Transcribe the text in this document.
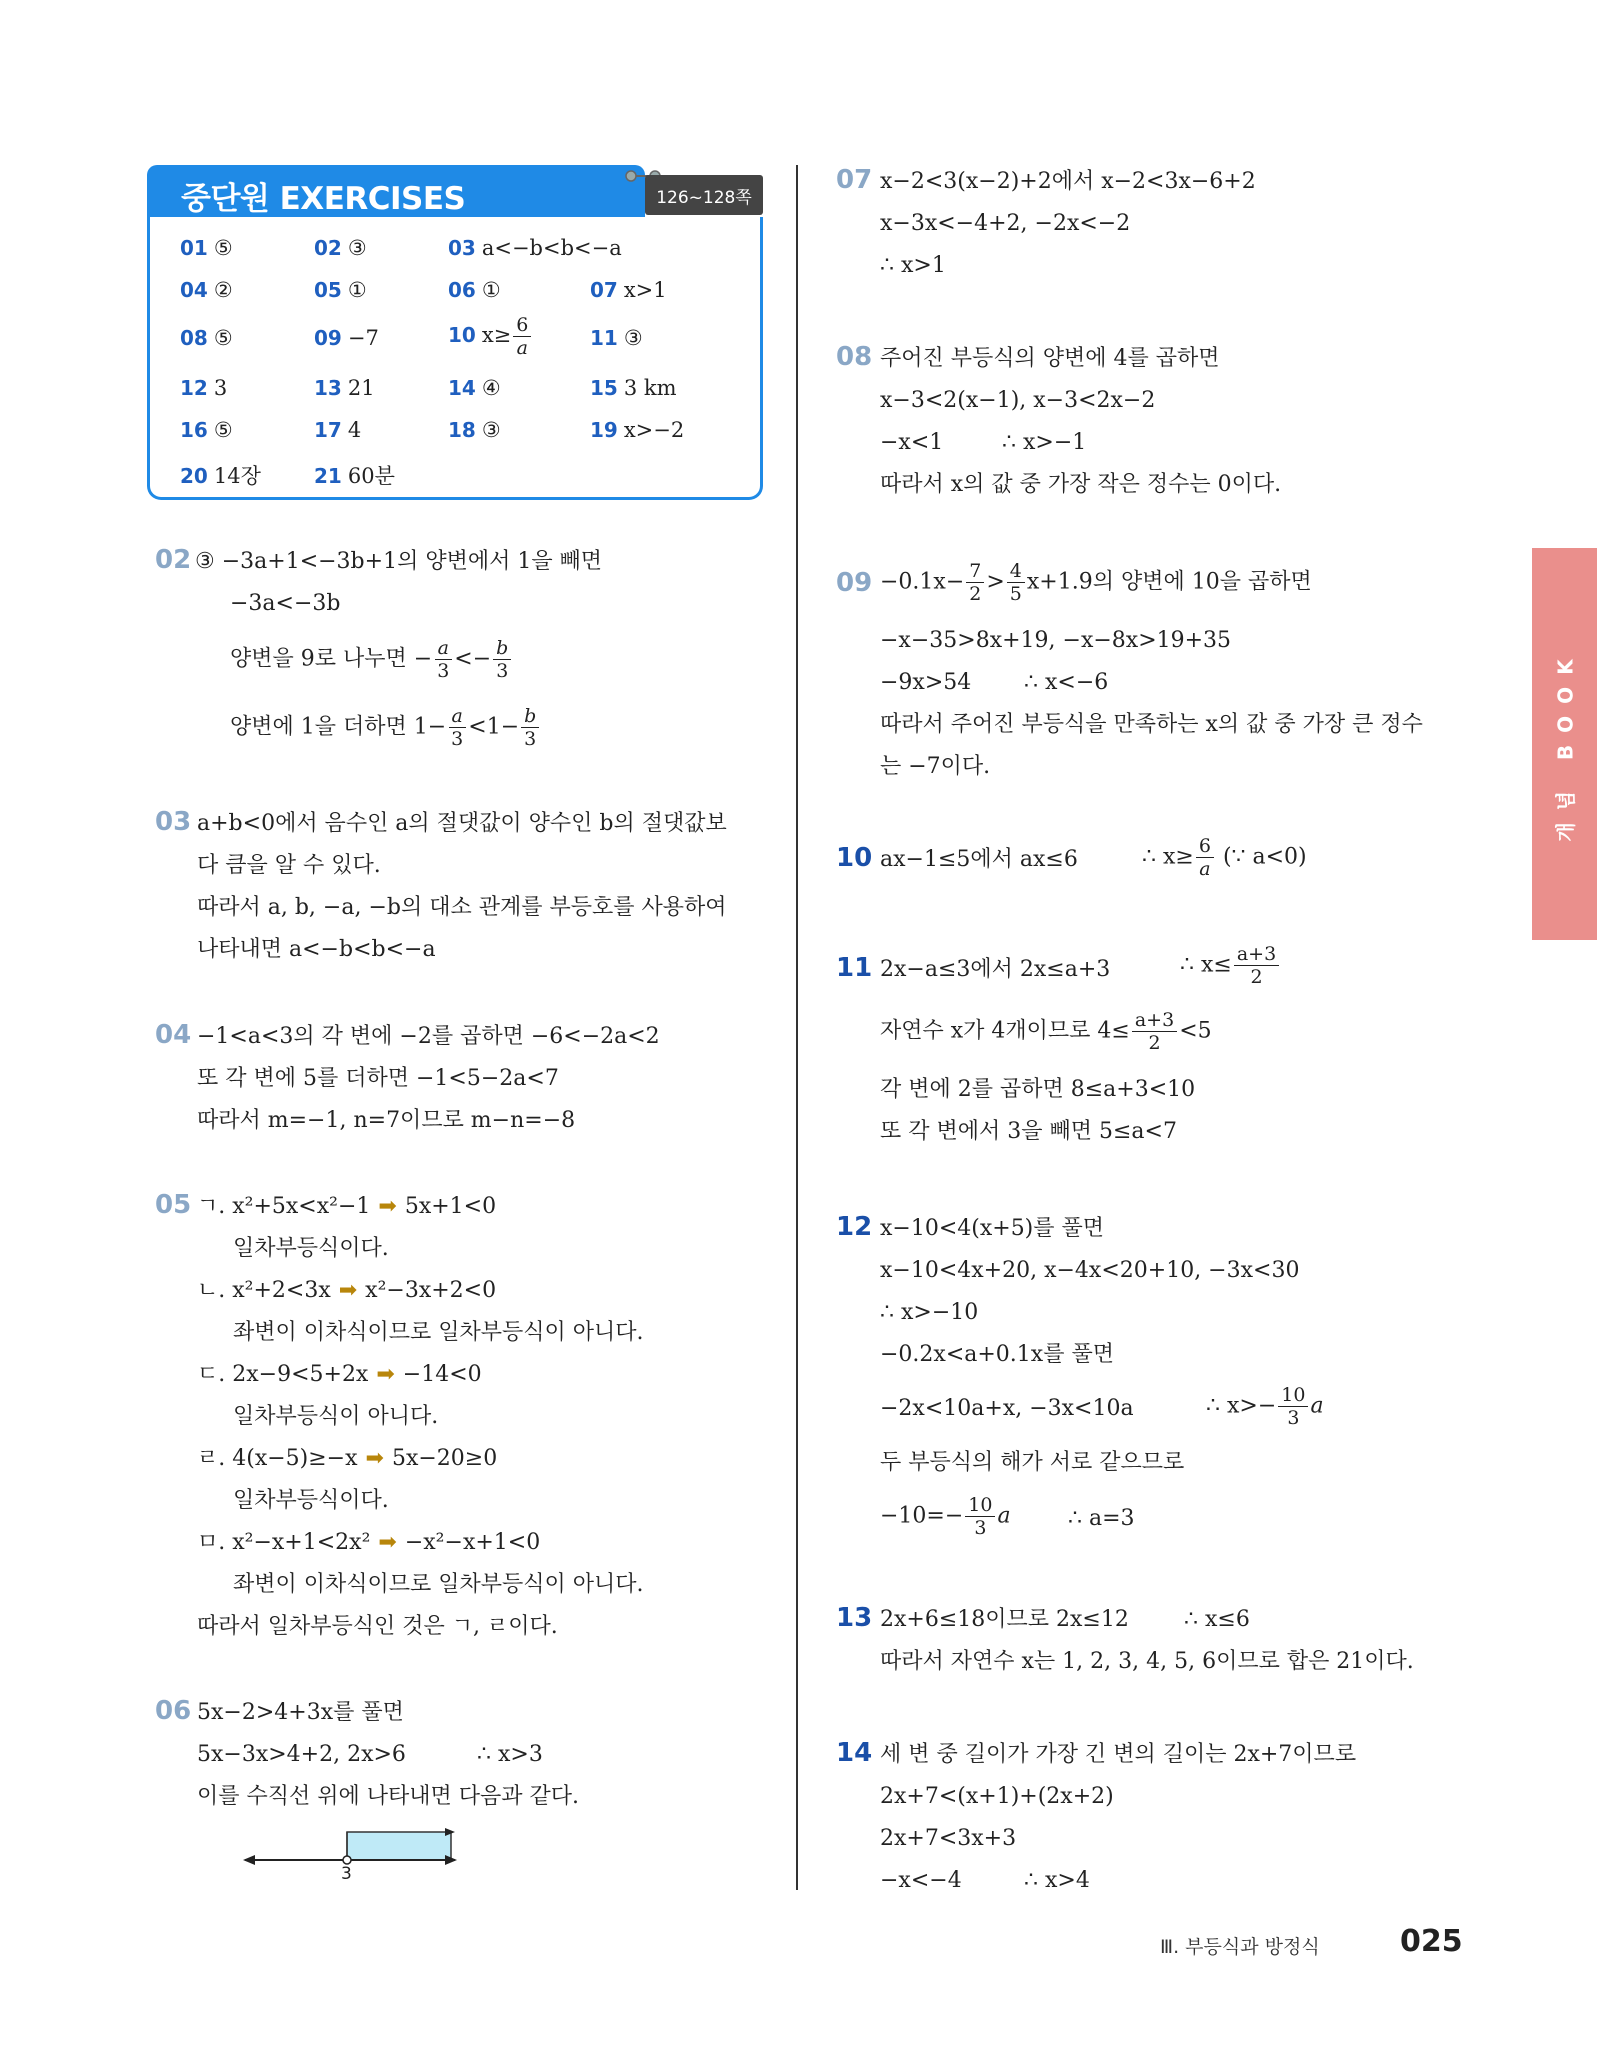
중단원 EXERCISES	126~128쪽
01 ⑤	02 ③	03 a<−b<b<−a
04 ②	05 ①	06 ①	07 x>1
08 ⑤	09 −7	10 $x\ge \frac{6}{a}$	11 ③
12 3	13 21	14 ④	15 3 km
16 ⑤	17 4	18 ③	19 x>−2
20 14장	21 60분
02 ③ −3a+1<−3b+1의 양변에서 1을 빼면
−3a<−3b
양변을 9로 나누면 − $\frac{a}{3} <- \frac{b}{3}$
양변에 1을 더하면 $1- \frac{a}{3} <1- \frac{b}{3}$
03 a+b<0에서 음수인 a의 절댓값이 양수인 b의 절댓값보
다 큼을 알 수 있다.
따라서 a, b, −a, −b의 대소 관계를 부등호를 사용하여
나타내면 a<−b<b<−a
04 −1<a<3의 각 변에 −2를 곱하면 −6<−2a<2
또 각 변에 5를 더하면 −1<5−2a<7
따라서 m=−1, n=7이므로 m−n=−8
05 ㄱ. x²+5x<x²−1 ➡ 5x+1<0
일차부등식이다.
ㄴ. x²+2<3x ➡ x²−3x+2<0
좌변이 이차식이므로 일차부등식이 아니다.
ㄷ. 2x−9<5+2x ➡ −14<0
일차부등식이 아니다.
ㄹ. 4(x−5)≥−x ➡ 5x−20≥0
일차부등식이다.
ㅁ. x²−x+1<2x² ➡ −x²−x+1<0
좌변이 이차식이므로 일차부등식이 아니다.
따라서 일차부등식인 것은 ㄱ, ㄹ이다.
06 5x−2>4+3x를 풀면
5x−3x>4+2, 2x>6	∴ x>3
이를 수직선 위에 나타내면 다음과 같다.
3
07 x−2<3(x−2)+2에서 x−2<3x−6+2
x−3x<−4+2, −2x<−2
∴ x>1
08 주어진 부등식의 양변에 4를 곱하면
x−3<2(x−1), x−3<2x−2
−x<1	∴ x>−1
따라서 x의 값 중 가장 작은 정수는 0이다.
$09 -0.1x- \frac{7}{2} > \frac{4}{5} x+1.9$의 양변에 10을 곱하면
−x−35>8x+19, −x−8x>19+35
−9x>54 ∴ x<−6
따라서 주어진 부등식을 만족하는 x의 값 중 가장 큰 정수
는 −7이다.
10 ax−1≤5에서 ax≤6	∴ $x\ge \frac{6}{a}$ (∵ a<0)
11 2x−a≤3에서 2x≤a+3	∴ $x\le \frac{a+3}{2}$
자연수 x가 4개이므로 $4\le \frac{a+3}{2} <5$
각 변에 2를 곱하면 8≤a+3<10
또 각 변에서 3을 빼면 5≤a<7
12 x−10<4(x+5)를 풀면
x−10<4x+20, x−4x<20+10, −3x<30
∴ x>−10
−0.2x<a+0.1x를 풀면
−2x<10a+x, −3x<10a	∴ $x>- \frac{10}{3}$ a
두 부등식의 해가 서로 같으므로
$-10=- \frac{10}{3}$ a	∴ a=3
13 2x+6≤18이므로 2x≤12	∴ x≤6
따라서 자연수 x는 1, 2, 3, 4, 5, 6이므로 합은 21이다.
14 세 변 중 길이가 가장 긴 변의 길이는 2x+7이므로
2x+7<(x+1)+(2x+2)
2x+7<3x+3
−x<−4	∴ x>4
개념 BOOK
Ⅲ. 부등식과 방정식	025
